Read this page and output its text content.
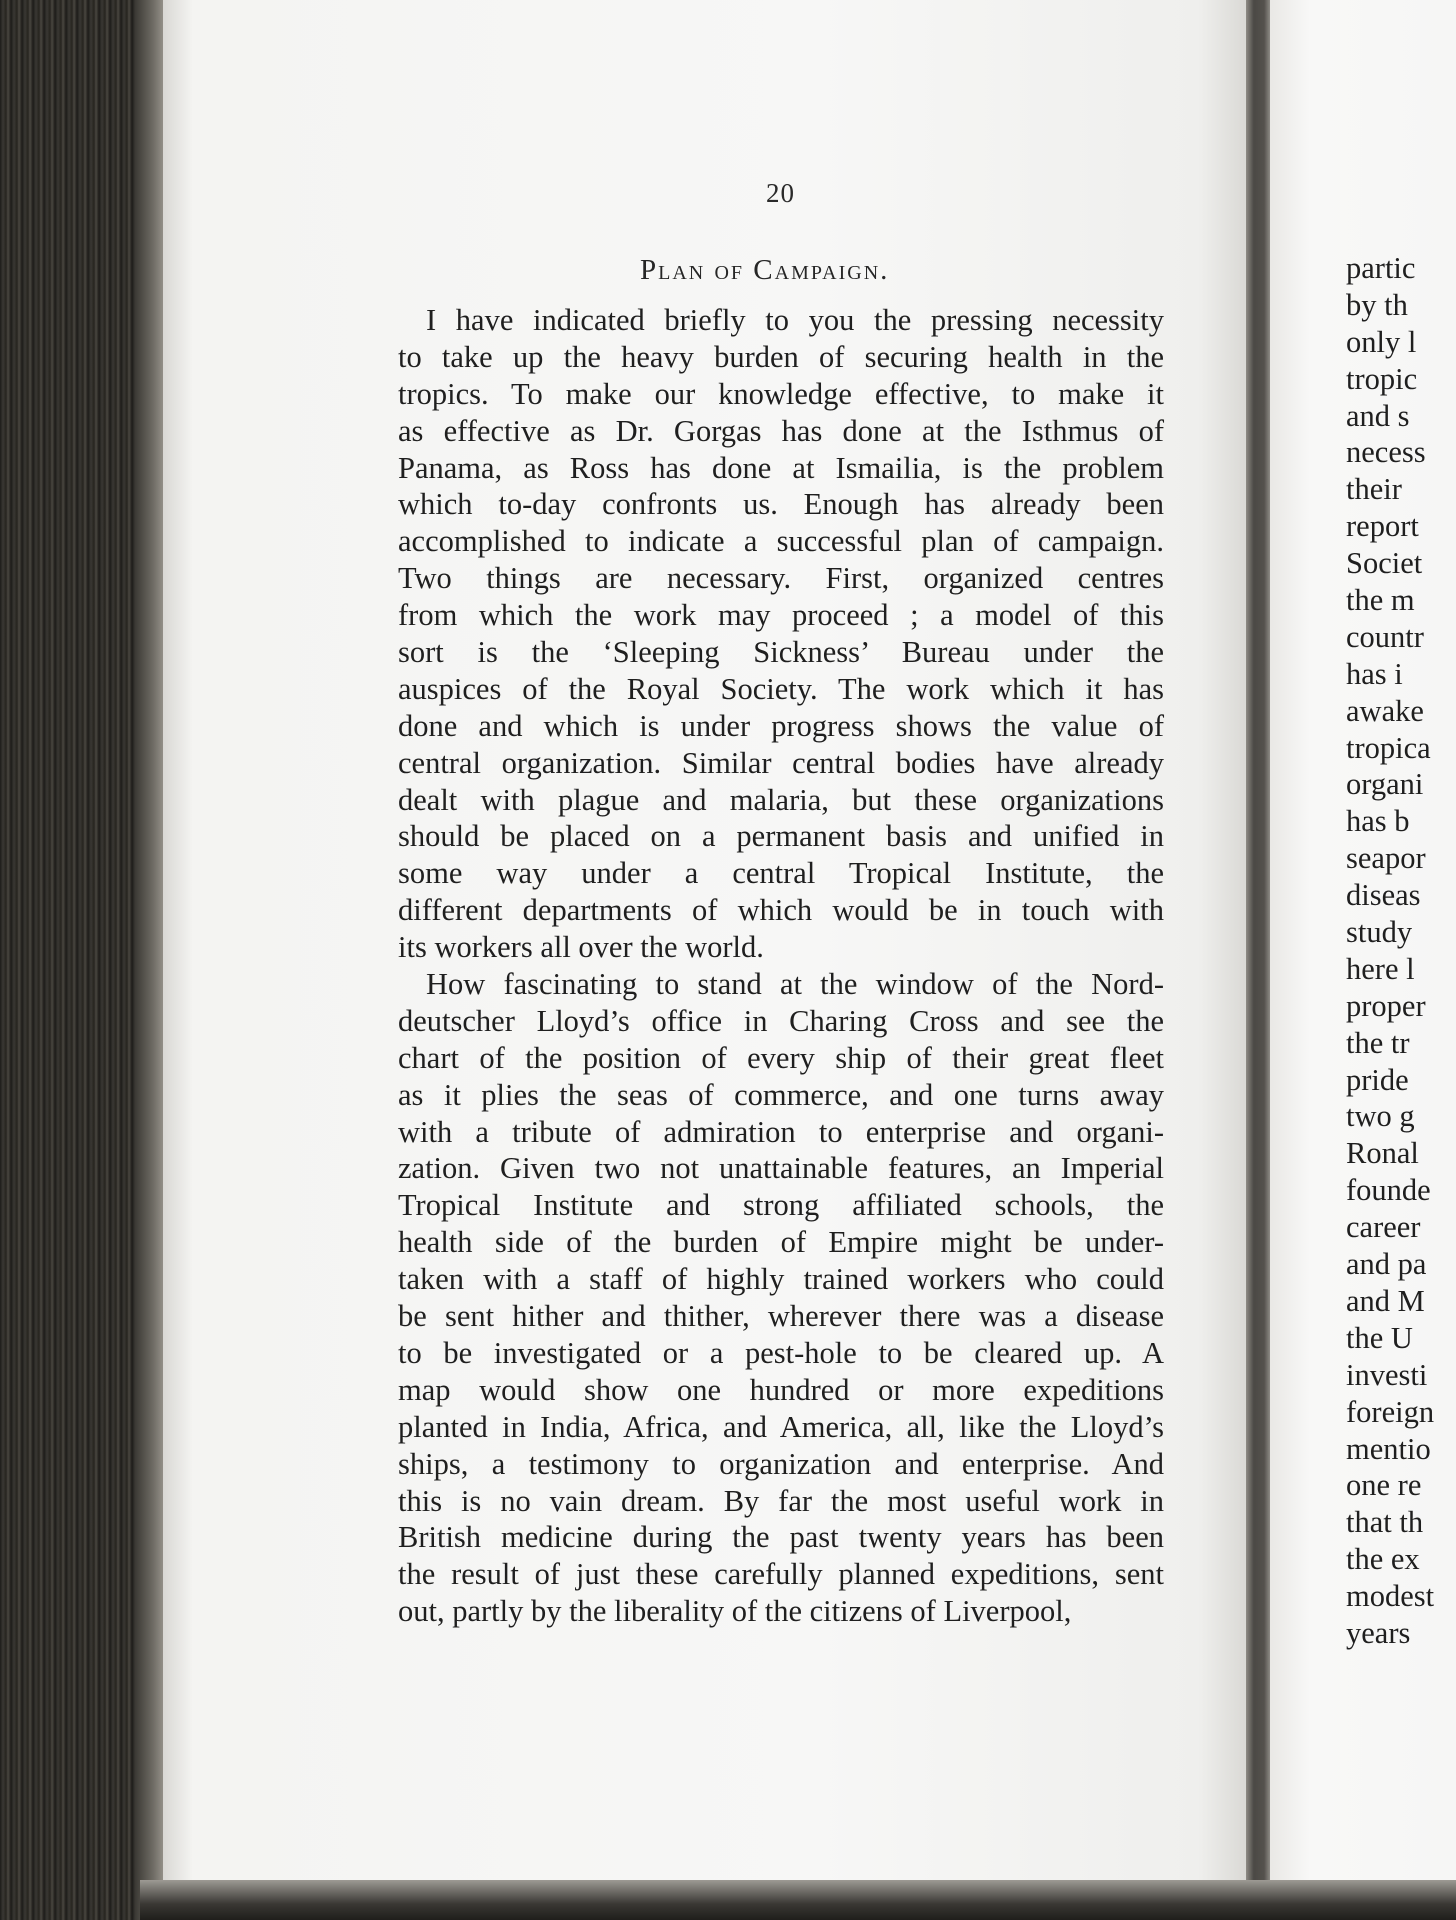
20
Plan of Campaign.
I have indicated briefly to you the pressing necessity
to take up the heavy burden of securing health in the
tropics. To make our knowledge effective, to make it
as effective as Dr. Gorgas has done at the Isthmus of
Panama, as Ross has done at Ismailia, is the problem
which to-day confronts us. Enough has already been
accomplished to indicate a successful plan of campaign.
Two things are necessary. First, organized centres
from which the work may proceed ; a model of this
sort is the ‘Sleeping Sickness’ Bureau under the
auspices of the Royal Society. The work which it has
done and which is under progress shows the value of
central organization. Similar central bodies have already
dealt with plague and malaria, but these organizations
should be placed on a permanent basis and unified in
some way under a central Tropical Institute, the
different departments of which would be in touch with
its workers all over the world.
How fascinating to stand at the window of the Nord-
deutscher Lloyd’s office in Charing Cross and see the
chart of the position of every ship of their great fleet
as it plies the seas of commerce, and one turns away
with a tribute of admiration to enterprise and organi-
zation. Given two not unattainable features, an Imperial
Tropical Institute and strong affiliated schools, the
health side of the burden of Empire might be under-
taken with a staff of highly trained workers who could
be sent hither and thither, wherever there was a disease
to be investigated or a pest-hole to be cleared up. A
map would show one hundred or more expeditions
planted in India, Africa, and America, all, like the Lloyd’s
ships, a testimony to organization and enterprise. And
this is no vain dream. By far the most useful work in
British medicine during the past twenty years has been
the result of just these carefully planned expeditions, sent
out, partly by the liberality of the citizens of Liverpool,
partic
by th
only l
tropic
and s
necess
their
report
Societ
the m
countr
has i
awake
tropica
organi
has b
seapor
diseas
study
here l
proper
the tr
pride
two g
Ronal
founde
career
and pa
and M
the U
investi
foreign
mentio
one re
that th
the ex
modest
years
